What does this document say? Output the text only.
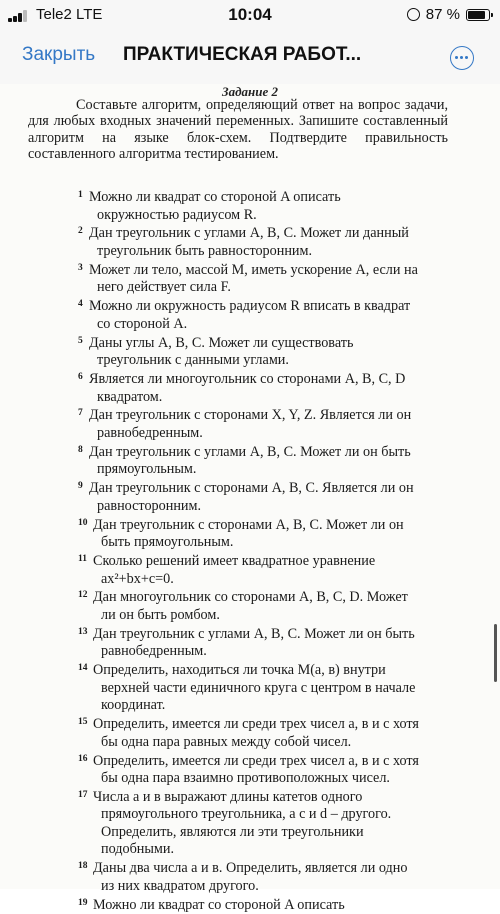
Tele2 LTE	10:04	87 %
Закрыть ПРАКТИЧЕСКАЯ РАБОТ...
Задание 2
Составьте алгоритм, определяющий ответ на вопрос задачи, для любых входных значений переменных. Запишите составленный алгоритм на языке блок-схем. Подтвердите правильность составленного алгоритма тестированием.
1 Можно ли квадрат со стороной A описать
окружностью радиусом R.
2 Дан треугольник с углами A, B, C. Может ли данный
треугольник быть равносторонним.
3 Может ли тело, массой M, иметь ускорение A, если на
него действует сила F.
4 Можно ли окружность радиусом R вписать в квадрат
со стороной A.
5 Даны углы A, B, C. Может ли существовать
треугольник с данными углами.
6 Является ли многоугольник со сторонами A, B, C, D
квадратом.
7 Дан треугольник с сторонами X, Y, Z. Является ли он
равнобедренным.
8 Дан треугольник с углами A, B, C. Может ли он быть
прямоугольным.
9 Дан треугольник с сторонами A, B, C. Является ли он
равносторонним.
10 Дан треугольник с сторонами A, B, C. Может ли он
быть прямоугольным.
11 Сколько решений имеет квадратное уравнение
ax²+bx+c=0.
12 Дан многоугольник со сторонами A, B, C, D. Может
ли он быть ромбом.
13 Дан треугольник с углами A, B, C. Может ли он быть
равнобедренным.
14 Определить, находиться ли точка M(a, в) внутри
верхней части единичного круга с центром в начале
координат.
15 Определить, имеется ли среди трех чисел a, в и c хотя
бы одна пара равных между собой чисел.
16 Определить, имеется ли среди трех чисел a, в и c хотя
бы одна пара взаимно противоположных чисел.
17 Числа a и в выражают длины катетов одного
прямоугольного треугольника, a c и d – другого.
Определить, являются ли эти треугольники
подобными.
18 Даны два числа a и в. Определить, является ли одно
из них квадратом другого.
19 Можно ли квадрат со стороной A описать
